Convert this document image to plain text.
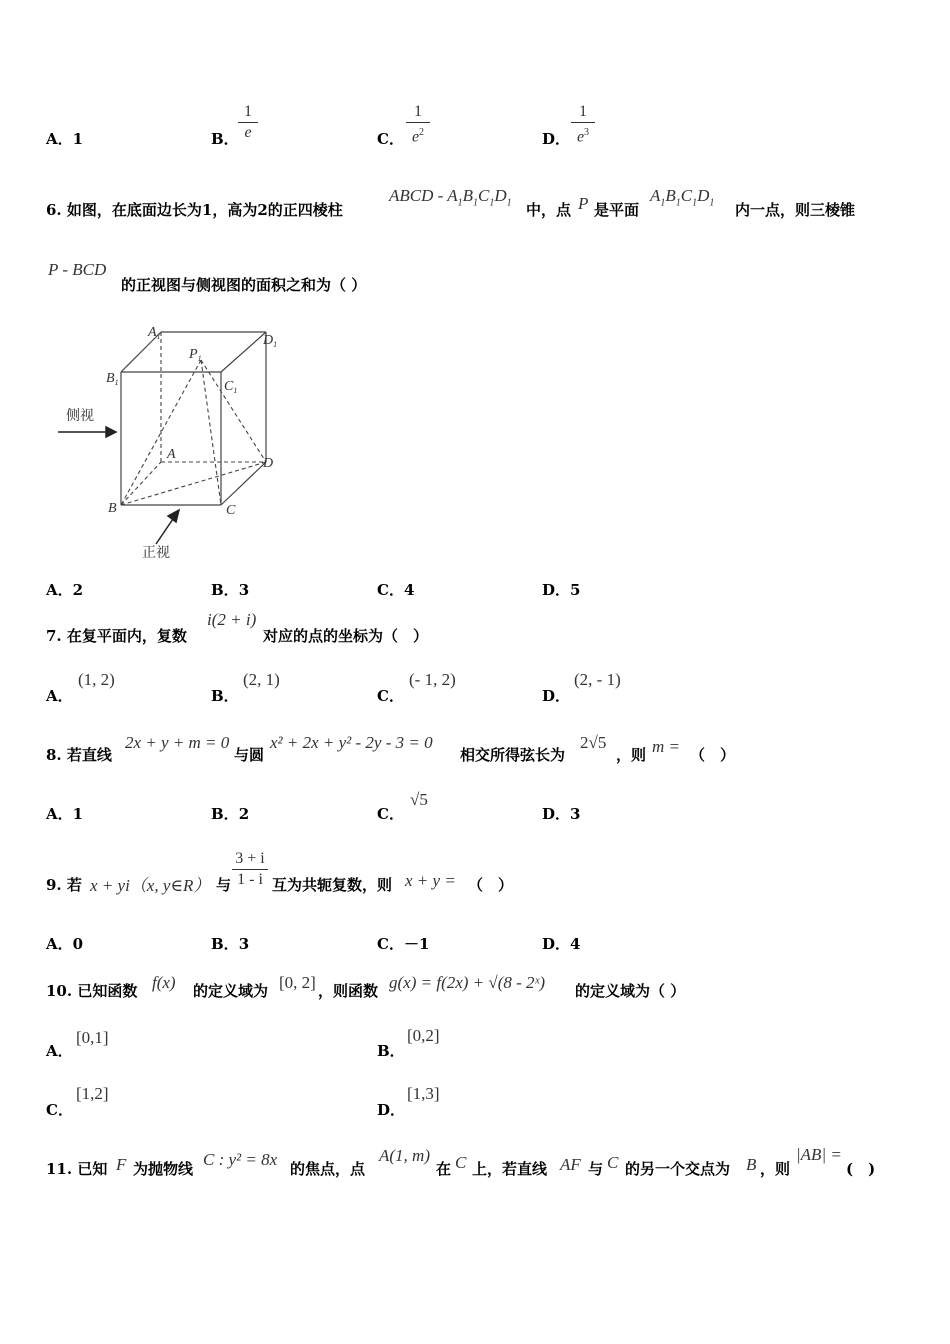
A．1	B．
1
e	C．
1
$e^2$	D．
1
$e^3$
6. 如图，在底面边长为1，高为2的正四棱柱
ABCD - $A_1B_1C_1D_1$ 中，点 P 是平面
$A_1B_1C_1D_1$ 内一点，则三棱锥
P - BCD
的正视图与侧视图的面积之和为（ ）
$A_1$	$D_1$
$B_1$	$C_1$
$P_1$
A
D
B	C
侧视
正视
A．2	B．3	C．4	D．5
7. 在复平面内，复数
i(2 + i)
对应的点的坐标为（　）
A．
(1, 2)
B．
(2, 1)
C．
(- 1, 2)
D．
(2, - 1)
8. 若直线
2x + y + m = 0
与圆
x² + 2x + y² - 2y - 3 = 0
相交所得弦长为
2√5
，则 m = （　）
A．1	B．2	C．
√5
D．3
9. 若 x + yi（x, y∈R） 与
3 + i
1 - i 互为共轭复数，则 x + y = （　）
A．0	B．3	C．－1	D．4
10. 已知函数 f(x) 的定义域为 [0, 2] ，则函数 g(x) = f(2x) + √(8 - 2ˣ) 的定义域为（ ）
A．
[0,1]
B．
[0,2]
C．
[1,2]
D．
[1,3]
11. 已知 F 为抛物线 C : y² = 8x 的焦点，点
A(1, m)
在 C 上，若直线 AF 与 C 的另一个交点为 B ，则
|AB| =
(　)
